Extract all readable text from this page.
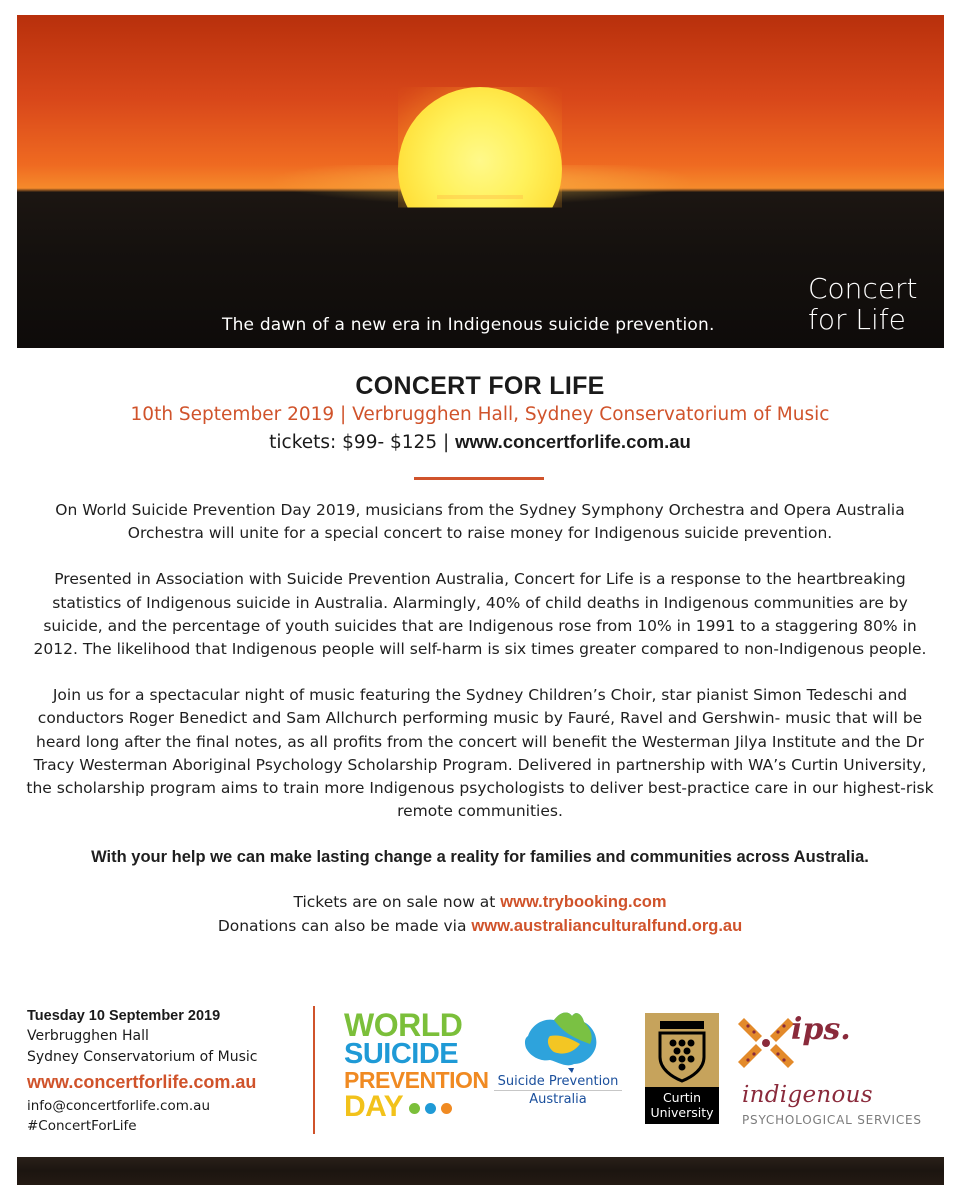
The dawn of a new era in Indigenous suicide prevention.
Concert
for Life
CONCERT FOR LIFE
10th September 2019 | Verbrugghen Hall, Sydney Conservatorium of Music
tickets: $99- $125 | www.concertforlife.com.au

On World Suicide Prevention Day 2019, musicians from the Sydney Symphony Orchestra and Opera Australia Orchestra will unite for a special concert to raise money for Indigenous suicide prevention.

Presented in Association with Suicide Prevention Australia, Concert for Life is a response to the heartbreaking statistics of Indigenous suicide in Australia. Alarmingly, 40% of child deaths in Indigenous communities are by suicide, and the percentage of youth suicides that are Indigenous rose from 10% in 1991 to a staggering 80% in 2012. The likelihood that Indigenous people will self-harm is six times greater compared to non-Indigenous people.

Join us for a spectacular night of music featuring the Sydney Children’s Choir, star pianist Simon Tedeschi and conductors Roger Benedict and Sam Allchurch performing music by Fauré, Ravel and Gershwin- music that will be heard long after the final notes, as all profits from the concert will benefit the Westerman Jilya Institute and the Dr Tracy Westerman Aboriginal Psychology Scholarship Program. Delivered in partnership with WA’s Curtin University, the scholarship program aims to train more Indigenous psychologists to deliver best-practice care in our highest-risk remote communities.

With your help we can make lasting change a reality for families and communities across Australia.

Tickets are on sale now at www.trybooking.com

Donations can also be made via www.australianculturalfund.org.au

Tuesday 10 September 2019
Verbrugghen Hall
Sydney Conservatorium of Music
www.concertforlife.com.au
info@concertforlife.com.au
#ConcertForLife
WORLD
SUICIDE
PREVENTION
DAY
Suicide Prevention
Australia	Curtin
University
ips.
indigenous
PSYCHOLOGICAL SERVICES
